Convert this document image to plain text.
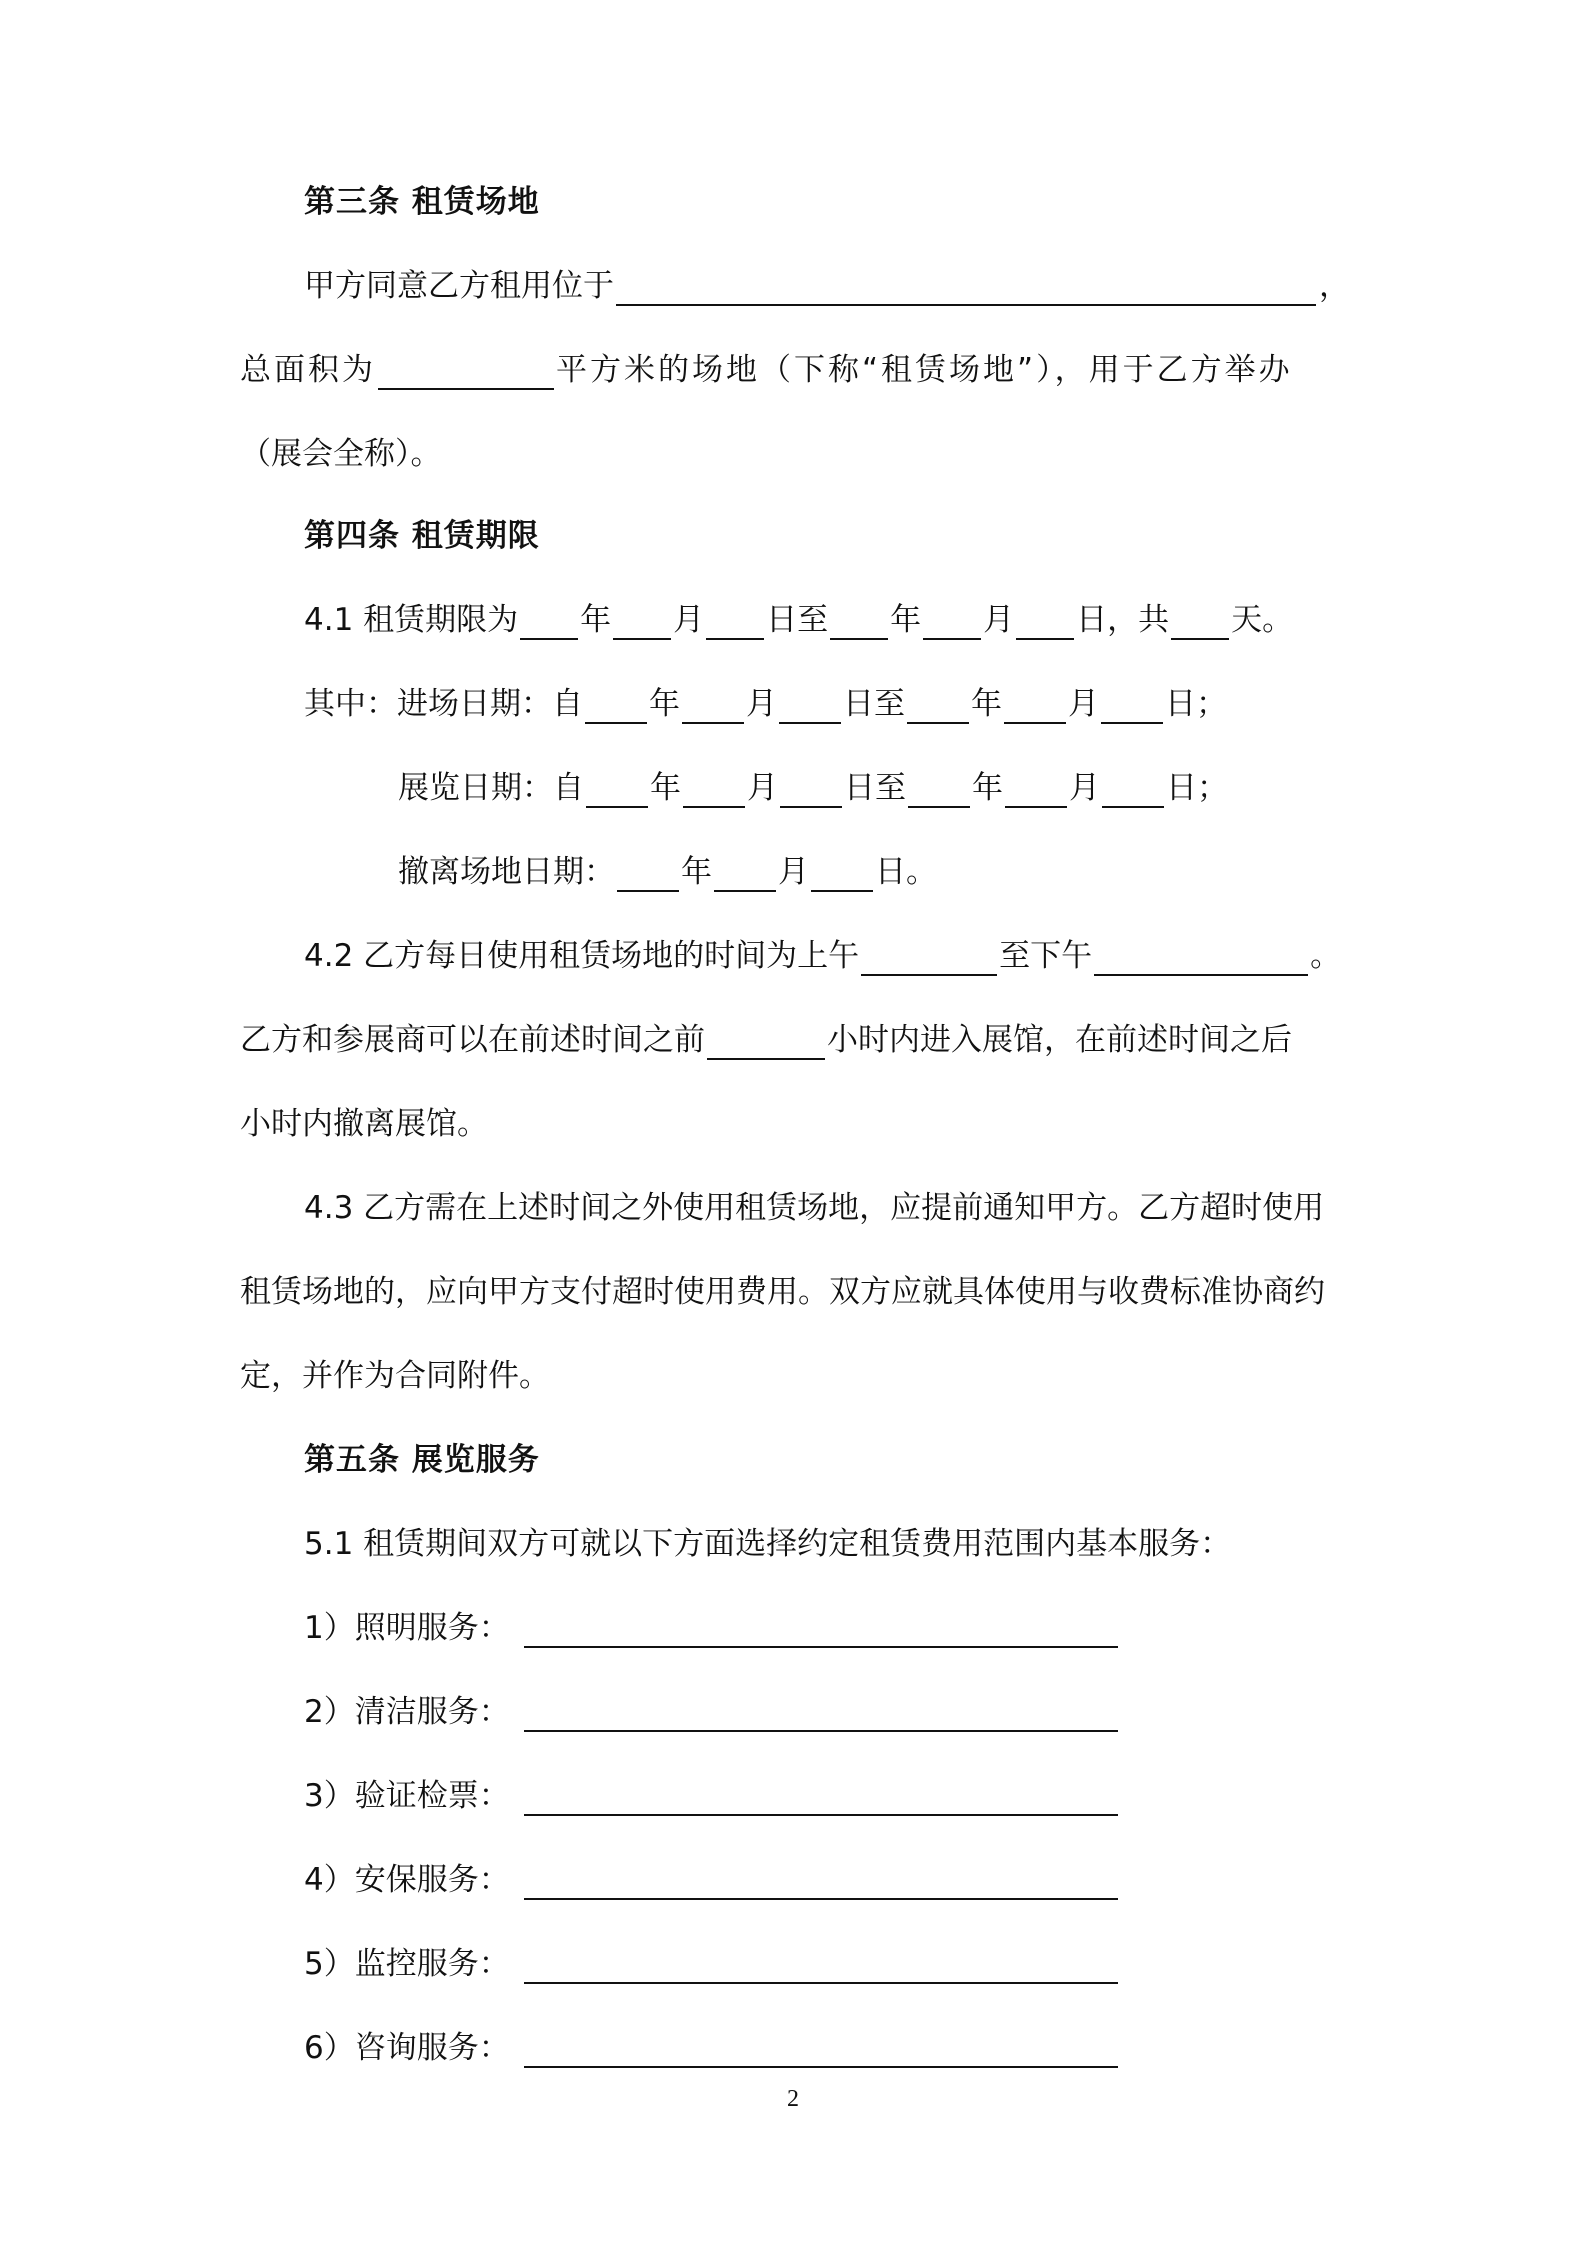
第三条 租赁场地
甲方同意乙方租用位于	，
总面积为	平方米的场地（下称“租赁场地”），用于乙方举办
（展会全称）。
第四条 租赁期限
4.1 租赁期限为 年 月 日至 年 月 日，共 天。
其中：进场日期：自 年 月 日至 年 月 日；
展览日期：自 年 月 日至 年 月 日；
撤离场地日期： 年 月 日。
4.2 乙方每日使用租赁场地的时间为上午	至下午	。
乙方和参展商可以在前述时间之前	小时内进入展馆，在前述时间之后
小时内撤离展馆。
4.3 乙方需在上述时间之外使用租赁场地，应提前通知甲方。乙方超时使用
租赁场地的，应向甲方支付超时使用费用。双方应就具体使用与收费标准协商约
定，并作为合同附件。
第五条 展览服务
5.1 租赁期间双方可就以下方面选择约定租赁费用范围内基本服务：
1）照明服务：
2）清洁服务：
3）验证检票：
4）安保服务：
5）监控服务：
6）咨询服务：
2
